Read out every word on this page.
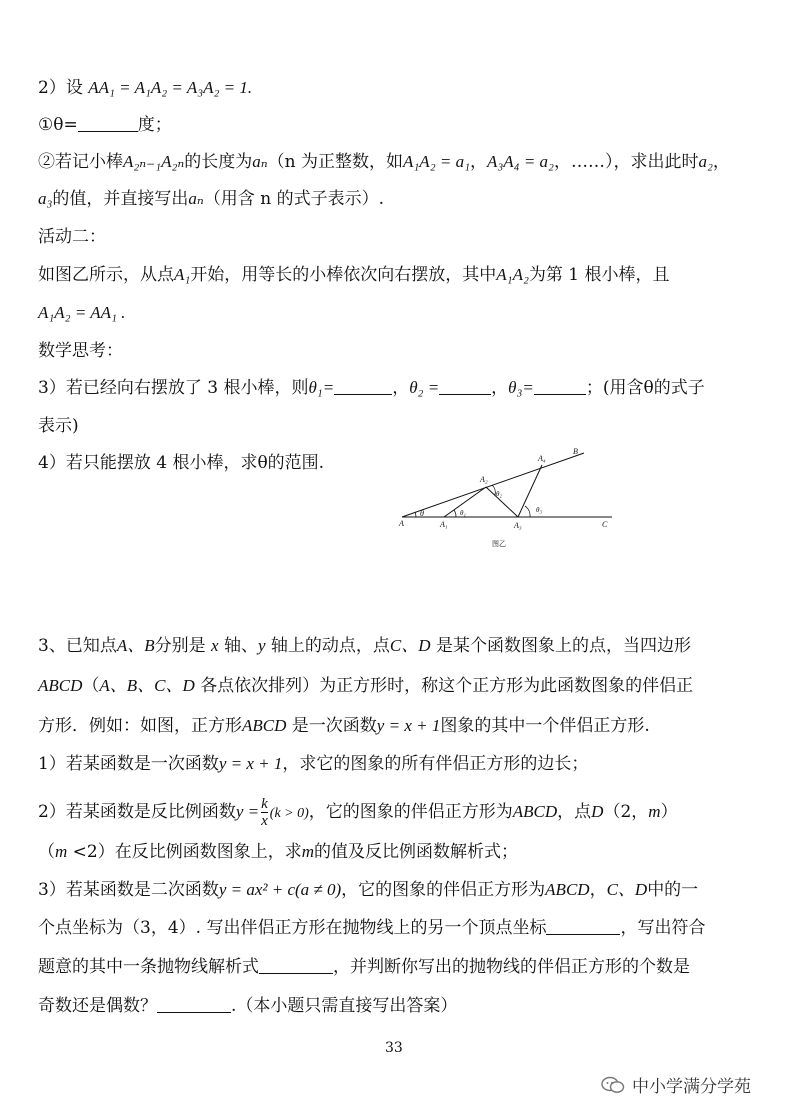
2）设 AA₁ = A₁A₂ = A₃A₂ = 1.
①θ=	度；
②若记小棒A₂ₙ₋₁A₂ₙ的长度为aₙ（n 为正整数，如A₁A₂ = a₁，A₃A₄ = a₂，……），求出此时a₂，
a₃的值，并直接写出aₙ（用含 n 的式子表示）.
活动二：
如图乙所示，从点A₁开始，用等长的小棒依次向右摆放，其中A₁A₂为第 1 根小棒，且
A₁A₂ = AA₁ .
数学思考：
3）若已经向右摆放了 3 根小棒，则θ₁=	，θ₂ =	，θ₃=	；(用含θ的式子
表示)
4）若只能摆放 4 根小棒，求θ的范围.
A	A₁
A₂
A₃
A₄
B
C
θ	θ₁
θ₂
θ₃
图乙
3、已知点A、B分别是 x 轴、y 轴上的动点，点C、D 是某个函数图象上的点，当四边形
ABCD（A、B、C、D 各点依次排列）为正方形时，称这个正方形为此函数图象的伴侣正
方形．例如：如图，正方形ABCD 是一次函数y = x + 1图象的其中一个伴侣正方形.
1）若某函数是一次函数y = x + 1，求它的图象的所有伴侣正方形的边长；
2）若某函数是反比例函数$y = \frac{k}{x} (k > 0)$，它的图象的伴侣正方形为ABCD，点D（2，m）
（m <2）在反比例函数图象上，求m的值及反比例函数解析式；
3）若某函数是二次函数y = ax² + c(a ≠ 0)，它的图象的伴侣正方形为ABCD，C、D中的一
个点坐标为（3，4）. 写出伴侣正方形在抛物线上的另一个顶点坐标	，写出符合
题意的其中一条抛物线解析式	，并判断你写出的抛物线的伴侣正方形的个数是
奇数还是偶数？	.（本小题只需直接写出答案）
33
中小学满分学苑
